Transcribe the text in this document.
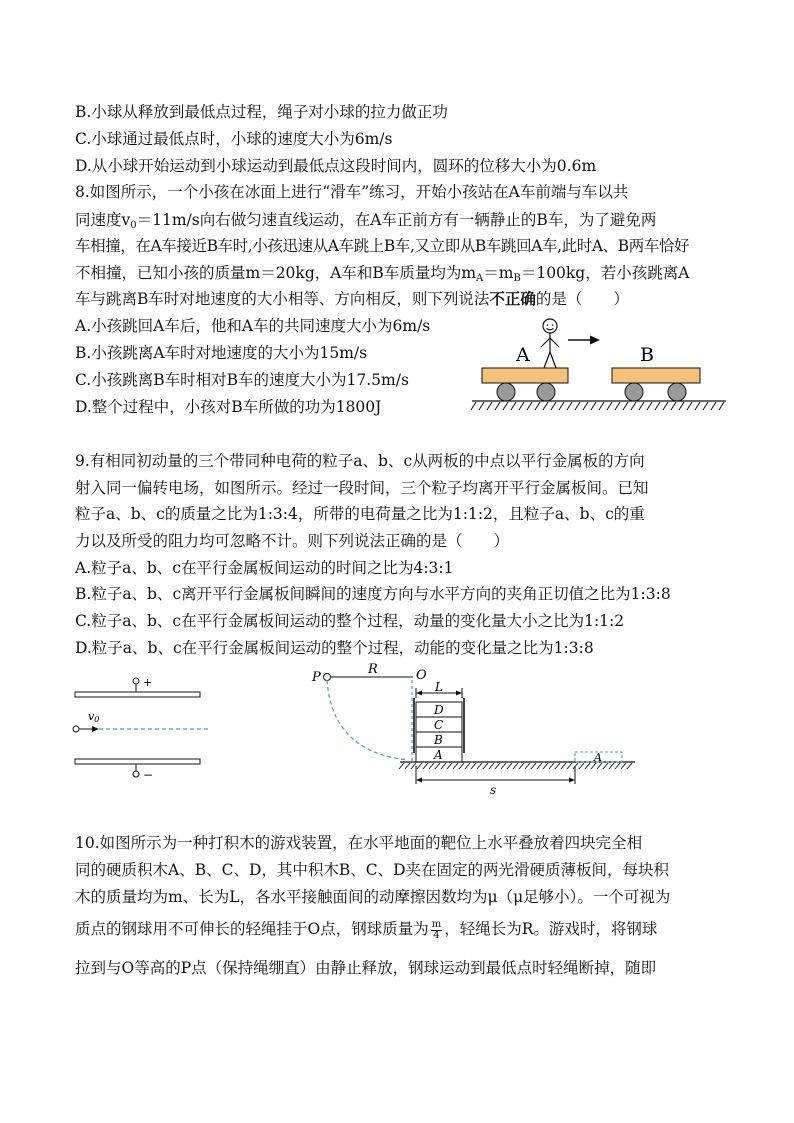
B.小球从释放到最低点过程，绳子对小球的拉力做正功
C.小球通过最低点时，小球的速度大小为6m/s
D.从小球开始运动到小球运动到最低点这段时间内，圆环的位移大小为0.6m
8.如图所示，一个小孩在冰面上进行“滑车”练习，开始小孩站在A车前端与车以共
同速度$v_0=11m/s$向右做匀速直线运动，在A车正前方有一辆静止的B车，为了避免两
车相撞，在A车接近B车时,小孩迅速从A车跳上B车,又立即从B车跳回A车,此时A、B两车恰好
不相撞，已知小孩的质量m＝20kg，A车和B车质量均为$m_A=m_B=100kg$，若小孩跳离A
车与跳离B车时对地速度的大小相等、方向相反，则下列说法不正确的是（　　）
A.小孩跳回A车后，他和A车的共同速度大小为6m/s
B.小孩跳离A车时对地速度的大小为15m/s
C.小孩跳离B车时相对B车的速度大小为17.5m/s
D.整个过程中，小孩对B车所做的功为1800J
A	B
9.有相同初动量的三个带同种电荷的粒子a、b、c从两板的中点以平行金属板的方向
射入同一偏转电场，如图所示。经过一段时间，三个粒子均离开平行金属板间。已知
粒子a、b、c的质量之比为1:3:4，所带的电荷量之比为1:1:2，且粒子a、b、c的重
力以及所受的阻力均可忽略不计。则下列说法正确的是（　　）
A.粒子a、b、c在平行金属板间运动的时间之比为4:3:1
B.粒子a、b、c离开平行金属板间瞬间的速度方向与水平方向的夹角正切值之比为1:3:8
C.粒子a、b、c在平行金属板间运动的整个过程，动量的变化量大小之比为1:1:2
D.粒子a、b、c在平行金属板间运动的整个过程，动能的变化量之比为1:3:8
+
v0
−
P
R	O
L
D
C
B
A	A
s
10.如图所示为一种打积木的游戏装置，在水平地面的靶位上水平叠放着四块完全相
同的硬质积木A、B、C、D，其中积木B、C、D夹在固定的两光滑硬质薄板间，每块积
木的质量均为m、长为L，各水平接触面间的动摩擦因数均为μ（μ足够小）。一个可视为
质点的钢球用不可伸长的轻绳挂于O点，钢球质量为 $\frac{m}{4}$ ，轻绳长为R。游戏时，将钢球
拉到与O等高的P点（保持绳绷直）由静止释放，钢球运动到最低点时轻绳断掉，随即
